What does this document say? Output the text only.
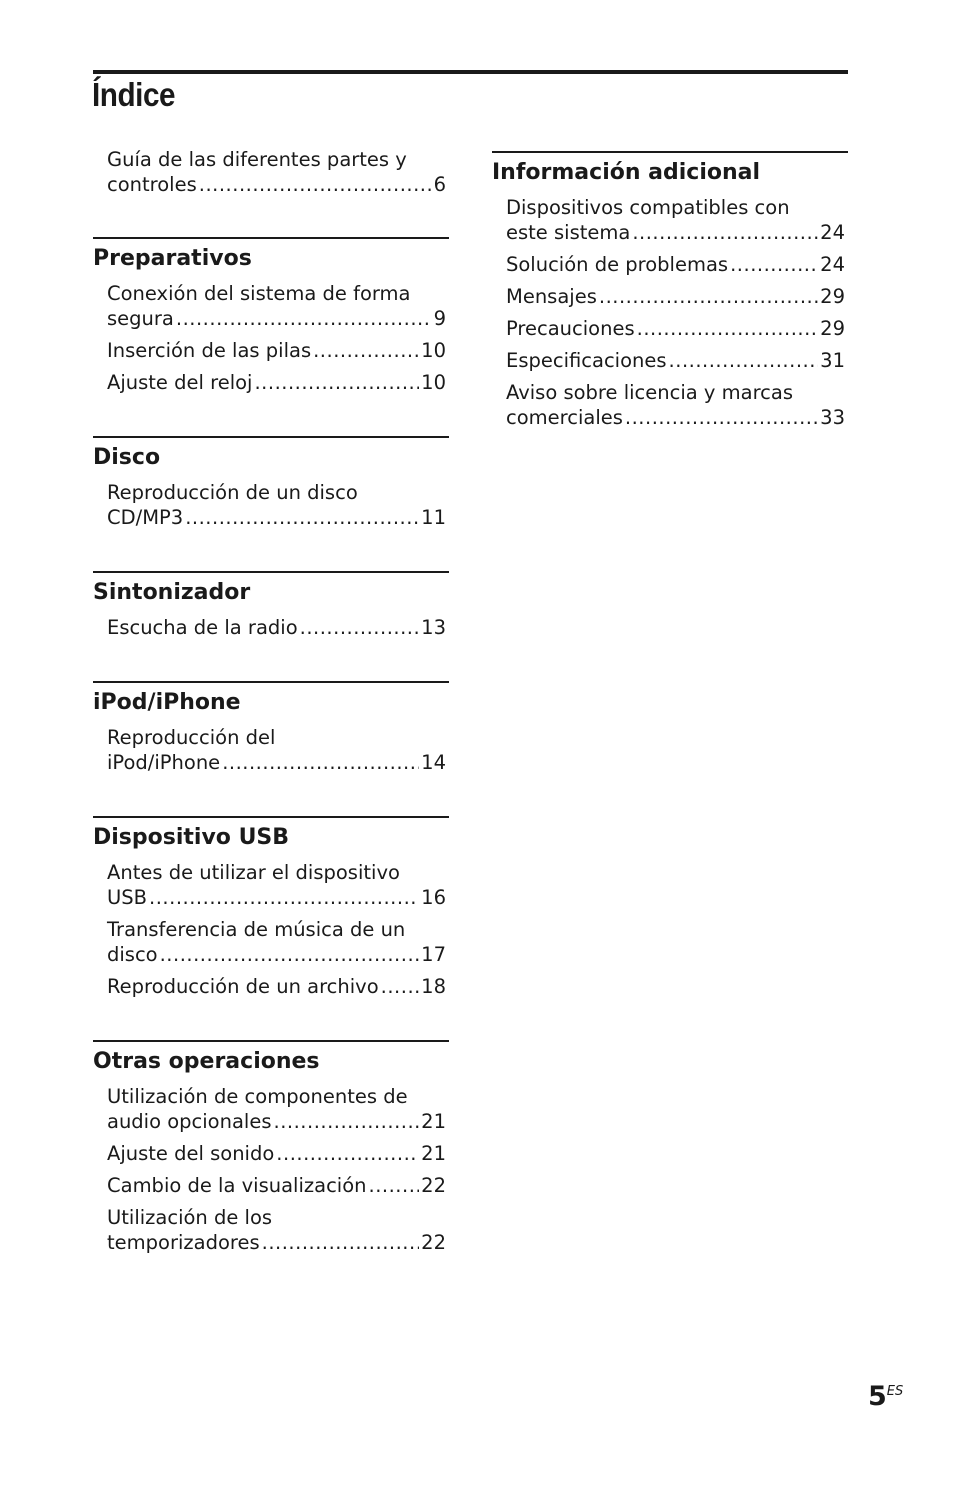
Índice
Guía de las diferentes partes y
controles .....	6
Preparativos
Conexión del sistema de forma
segura .....	9
Inserción de las pilas .....	10
Ajuste del reloj .....	10
Disco
Reproducción de un disco
CD/MP3 .....	11
Sintonizador
Escucha de la radio .....	13
iPod/iPhone
Reproducción del
iPod/iPhone .....	14
Dispositivo USB
Antes de utilizar el dispositivo
USB .....	16
Transferencia de música de un
disco .....	17
Reproducción de un archivo ..... 18
Otras operaciones
Utilización de componentes de
audio opcionales .....	21
Ajuste del sonido .....	21
Cambio de la visualización .....	22
Utilización de los
temporizadores .....	22
Información adicional
Dispositivos compatibles con
este sistema .....	24
Solución de problemas .....	24
Mensajes .....	29
Precauciones .....	29
Especificaciones .....	31
Aviso sobre licencia y marcas
comerciales .....	33
$5^{ES}$
